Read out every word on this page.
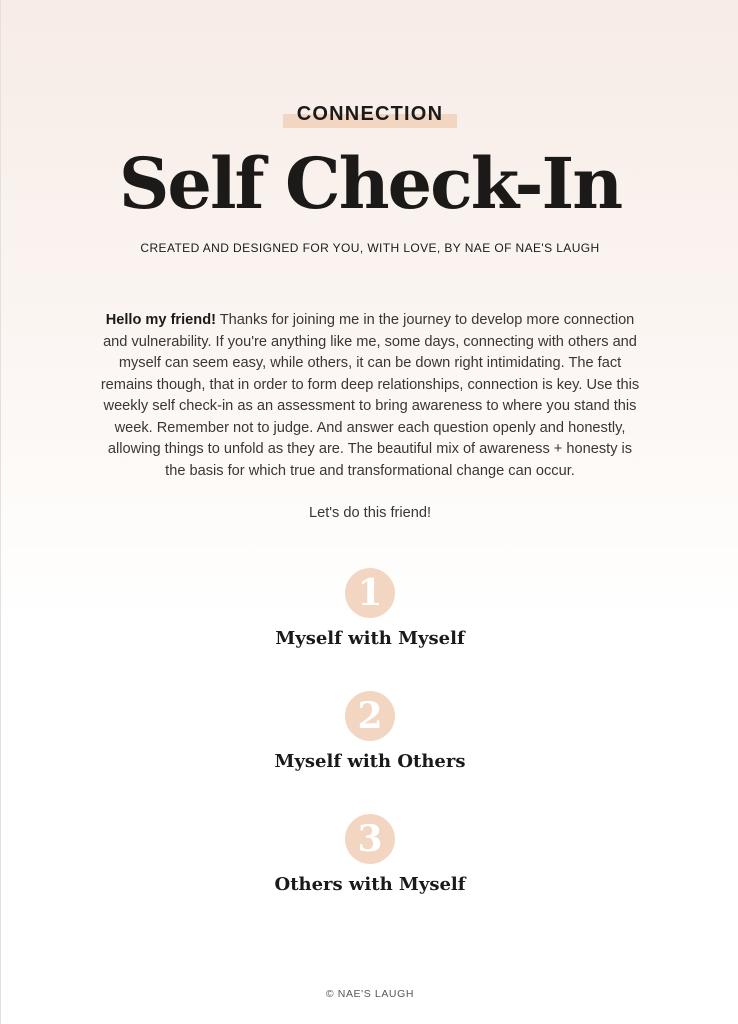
CONNECTION
Self Check-In
CREATED AND DESIGNED FOR YOU, WITH LOVE, BY NAE OF NAE'S LAUGH

Hello my friend! Thanks for joining me in the journey to develop more connection and vulnerability. If you're anything like me, some days, connecting with others and myself can seem easy, while others, it can be down right intimidating. The fact remains though, that in order to form deep relationships, connection is key. Use this weekly self check-in as an assessment to bring awareness to where you stand this week. Remember not to judge. And answer each question openly and honestly, allowing things to unfold as they are. The beautiful mix of awareness + honesty is the basis for which true and transformational change can occur.

Let's do this friend!
1
Myself with Myself
2
Myself with Others
3
Others with Myself
© NAE'S LAUGH
